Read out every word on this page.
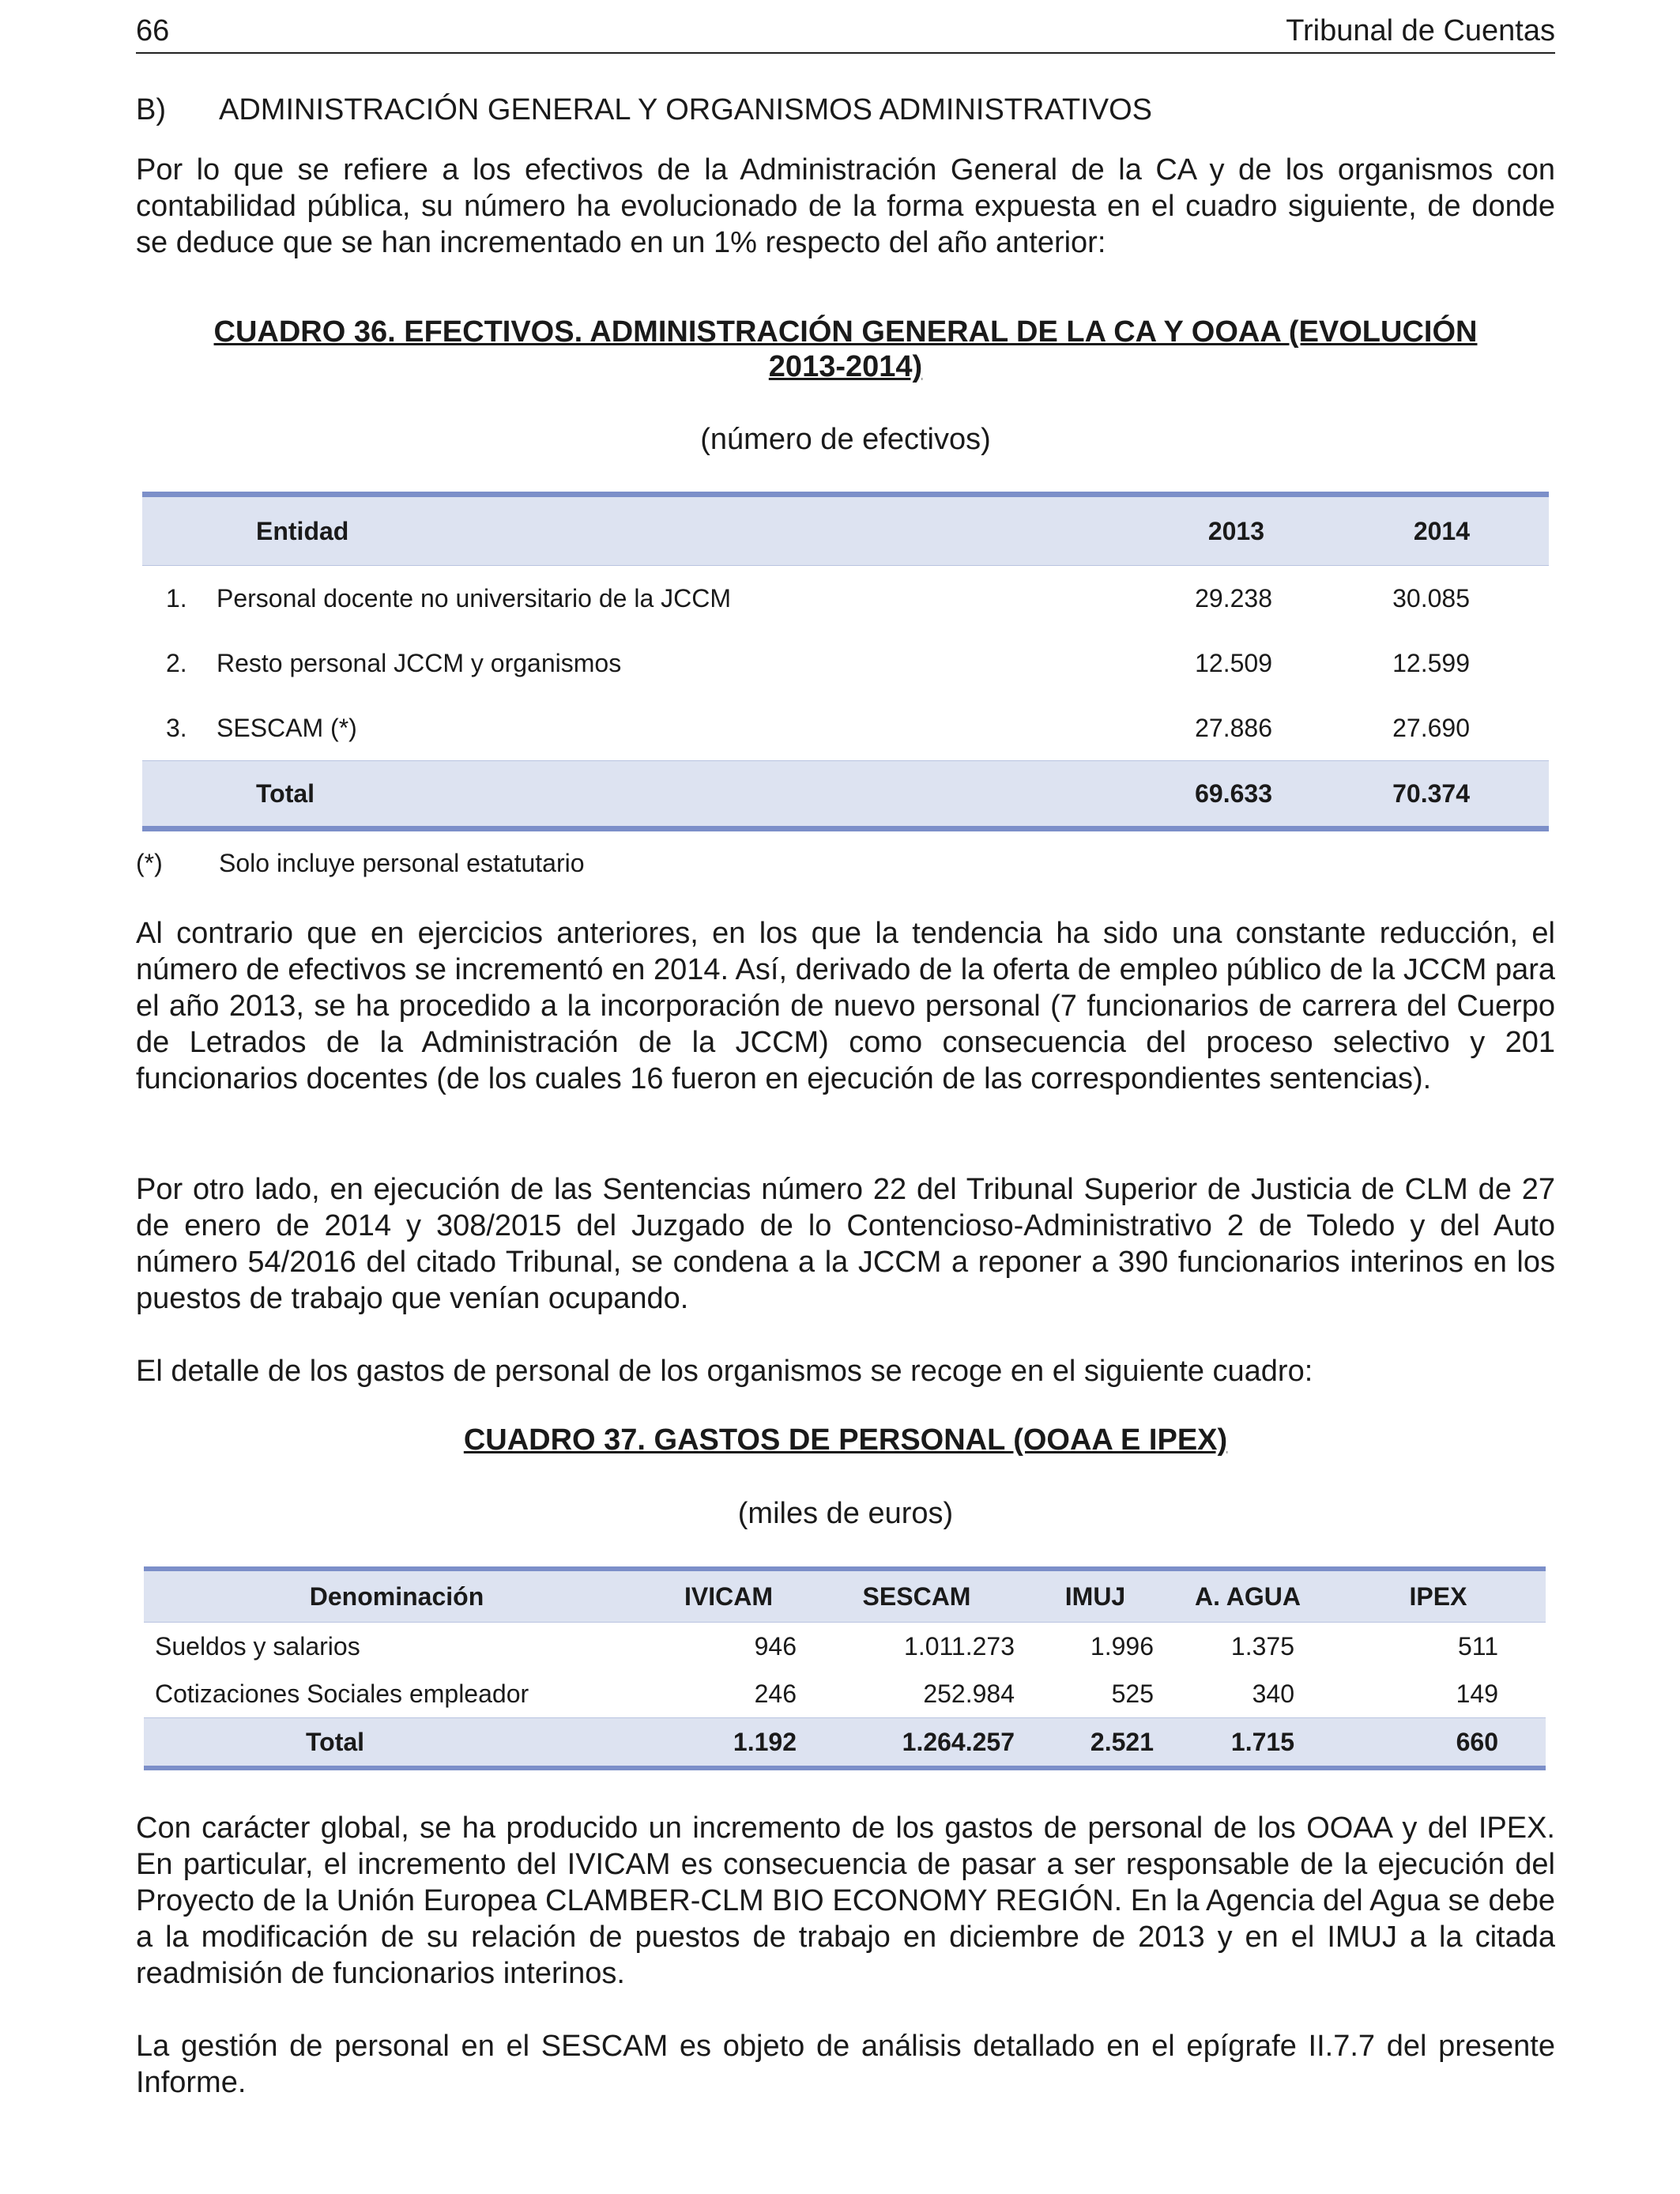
66	Tribunal de Cuentas
B) ADMINISTRACIÓN GENERAL Y ORGANISMOS ADMINISTRATIVOS

Por lo que se refiere a los efectivos de la Administración General de la CA y de los organismos con contabilidad pública, su número ha evolucionado de la forma expuesta en el cuadro siguiente, de donde se deduce que se han incrementado en un 1% respecto del año anterior:

CUADRO 36. EFECTIVOS. ADMINISTRACIÓN GENERAL DE LA CA Y OOAA (EVOLUCIÓN
2013-2014)
(número de efectivos)
	Entidad	2013	2014
1.	Personal docente no universitario de la JCCM	29.238	30.085
2.	Resto personal JCCM y organismos	12.509	12.599
3.	SESCAM (*)	27.886	27.690
	Total	69.633	70.374
(*) Solo incluye personal estatutario

Al contrario que en ejercicios anteriores, en los que la tendencia ha sido una constante reducción, el número de efectivos se incrementó en 2014. Así, derivado de la oferta de empleo público de la JCCM para el año 2013, se ha procedido a la incorporación de nuevo personal (7 funcionarios de carrera del Cuerpo de Letrados de la Administración de la JCCM) como consecuencia del proceso selectivo y 201 funcionarios docentes (de los cuales 16 fueron en ejecución de las correspondientes sentencias).

Por otro lado, en ejecución de las Sentencias número 22 del Tribunal Superior de Justicia de CLM de 27 de enero de 2014 y 308/2015 del Juzgado de lo Contencioso-Administrativo 2 de Toledo y del Auto número 54/2016 del citado Tribunal, se condena a la JCCM a reponer a 390 funcionarios interinos en los puestos de trabajo que venían ocupando.

El detalle de los gastos de personal de los organismos se recoge en el siguiente cuadro:

CUADRO 37. GASTOS DE PERSONAL (OOAA E IPEX)
(miles de euros)
Denominación	IVICAM	SESCAM	IMUJ	A. AGUA	IPEX
Sueldos y salarios	946	1.011.273	1.996	1.375	511
Cotizaciones Sociales empleador	246	252.984	525	340	149
Total	1.192	1.264.257	2.521	1.715	660

Con carácter global, se ha producido un incremento de los gastos de personal de los OOAA y del IPEX. En particular, el incremento del IVICAM es consecuencia de pasar a ser responsable de la ejecución del Proyecto de la Unión Europea CLAMBER-CLM BIO ECONOMY REGIÓN. En la Agencia del Agua se debe a la modificación de su relación de puestos de trabajo en diciembre de 2013 y en el IMUJ a la citada readmisión de funcionarios interinos.

La gestión de personal en el SESCAM es objeto de análisis detallado en el epígrafe II.7.7 del presente Informe.
